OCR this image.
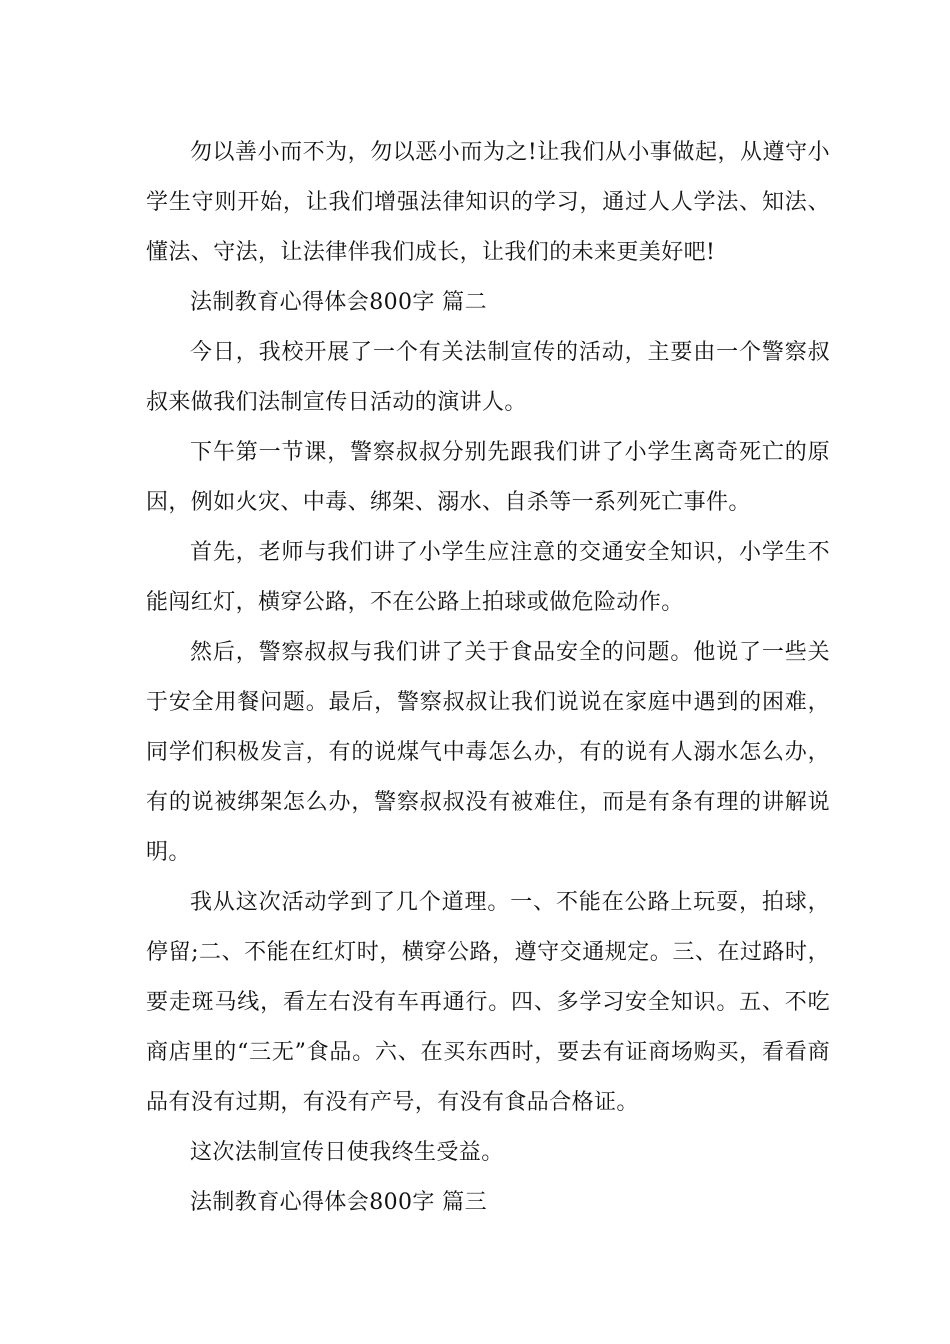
勿以善小而不为，勿以恶小而为之!让我们从小事做起，从遵守小学生守则开始，让我们增强法律知识的学习，通过人人学法、知法、懂法、守法，让法律伴我们成长，让我们的未来更美好吧!

法制教育心得体会800字 篇二

今日，我校开展了一个有关法制宣传的活动，主要由一个警察叔叔来做我们法制宣传日活动的演讲人。

下午第一节课，警察叔叔分别先跟我们讲了小学生离奇死亡的原因，例如火灾、中毒、绑架、溺水、自杀等一系列死亡事件。

首先，老师与我们讲了小学生应注意的交通安全知识，小学生不能闯红灯，横穿公路，不在公路上拍球或做危险动作。

然后，警察叔叔与我们讲了关于食品安全的问题。他说了一些关于安全用餐问题。最后，警察叔叔让我们说说在家庭中遇到的困难，同学们积极发言，有的说煤气中毒怎么办，有的说有人溺水怎么办，有的说被绑架怎么办，警察叔叔没有被难住，而是有条有理的讲解说明。

我从这次活动学到了几个道理。一、不能在公路上玩耍，拍球，停留;二、不能在红灯时，横穿公路，遵守交通规定。三、在过路时，要走斑马线，看左右没有车再通行。四、多学习安全知识。五、不吃商店里的“三无”食品。六、在买东西时，要去有证商场购买，看看商品有没有过期，有没有产号，有没有食品合格证。

这次法制宣传日使我终生受益。

法制教育心得体会800字 篇三
